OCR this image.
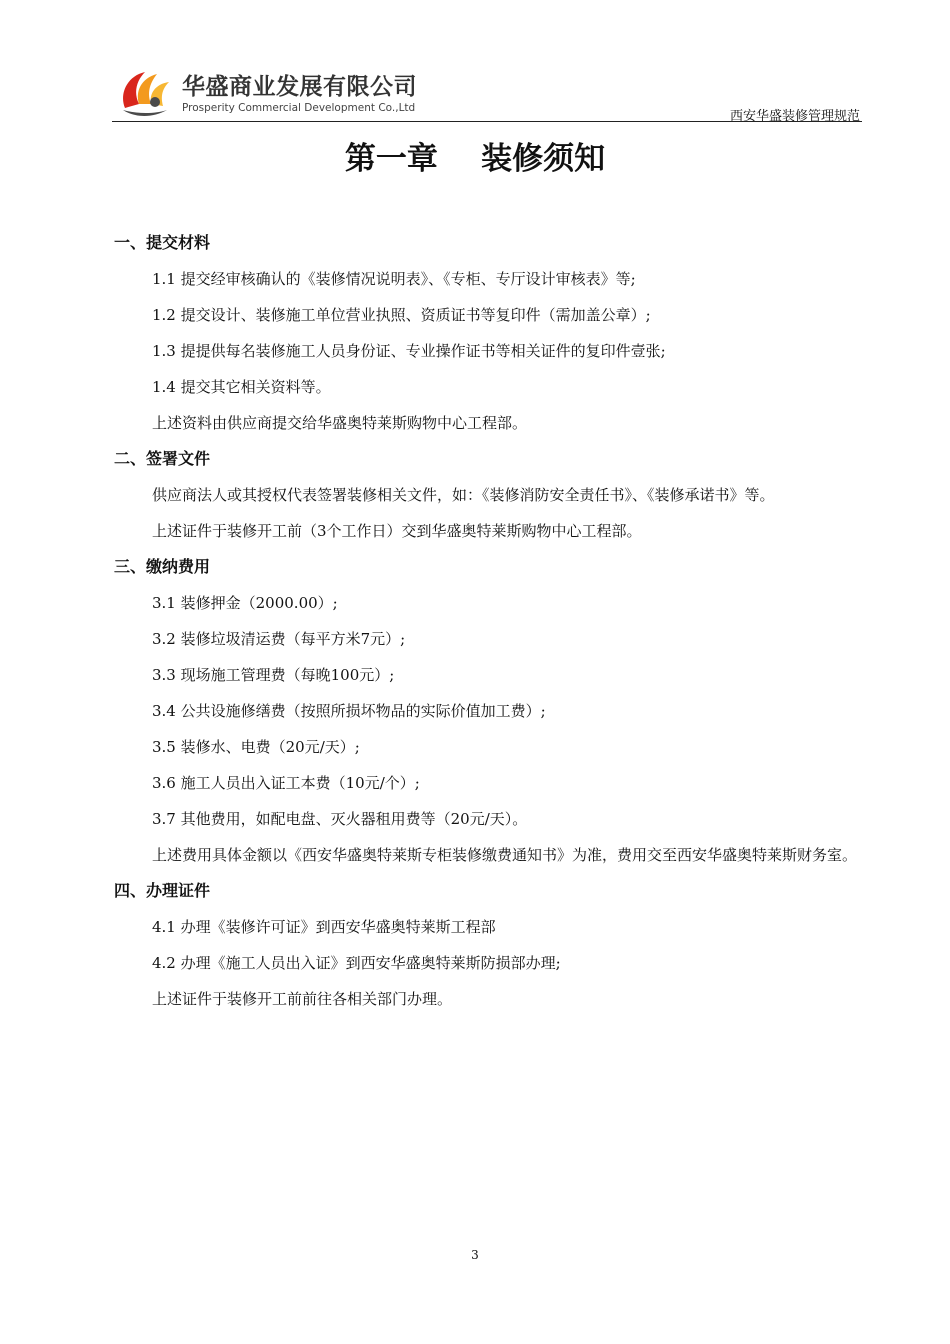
华盛商业发展有限公司
Prosperity Commercial Development Co.,Ltd
西安华盛装修管理规范
第一章    装修须知
一、提交材料
1.1 提交经审核确认的《装修情况说明表》、《专柜、专厅设计审核表》等;
1.2 提交设计、装修施工单位营业执照、资质证书等复印件（需加盖公章）;
1.3 提提供每名装修施工人员身份证、专业操作证书等相关证件的复印件壹张;
1.4 提交其它相关资料等。
上述资料由供应商提交给华盛奥特莱斯购物中心工程部。
二、签署文件
供应商法人或其授权代表签署装修相关文件，如：《装修消防安全责任书》、《装修承诺书》等。
上述证件于装修开工前（3个工作日）交到华盛奥特莱斯购物中心工程部。
三、缴纳费用
3.1 装修押金（2000.00）;
3.2 装修垃圾清运费（每平方米7元）;
3.3 现场施工管理费（每晚100元）;
3.4 公共设施修缮费（按照所损坏物品的实际价值加工费）;
3.5 装修水、电费（20元/天）;
3.6 施工人员出入证工本费（10元/个）;
3.7 其他费用，如配电盘、灭火器租用费等（20元/天）。
上述费用具体金额以《西安华盛奥特莱斯专柜装修缴费通知书》为准，费用交至西安华盛奥特莱斯财务室。
四、办理证件
4.1 办理《装修许可证》到西安华盛奥特莱斯工程部
4.2 办理《施工人员出入证》到西安华盛奥特莱斯防损部办理;
上述证件于装修开工前前往各相关部门办理。
3
